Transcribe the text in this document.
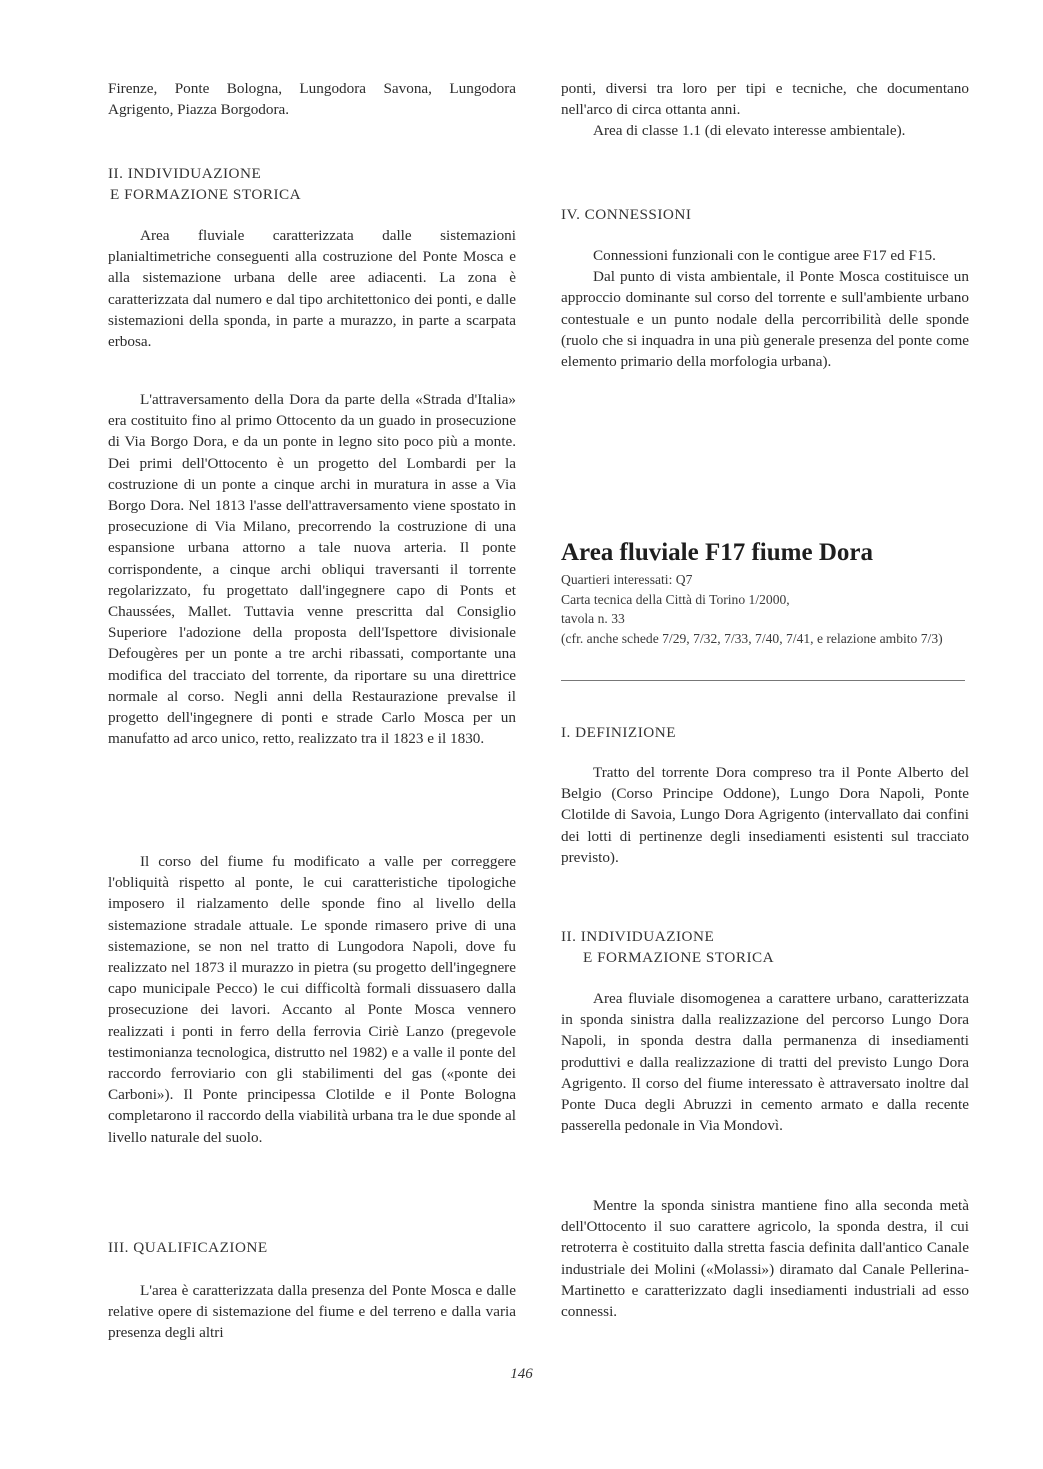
Firenze, Ponte Bologna, Lungodora Savona, Lungodora Agrigento, Piazza Borgodora.

II. INDIVIDUAZIONE
E FORMAZIONE STORICA

Area fluviale caratterizzata dalle sistemazioni planialtimetriche conseguenti alla costruzione del Ponte Mosca e alla sistemazione urbana delle aree adiacenti. La zona è caratterizzata dal numero e dal tipo architettonico dei ponti, e dalle sistemazioni della sponda, in parte a murazzo, in parte a scarpata erbosa.

L'attraversamento della Dora da parte della «Strada d'Italia» era costituito fino al primo Ottocento da un guado in prosecuzione di Via Borgo Dora, e da un ponte in legno sito poco più a monte. Dei primi dell'Ottocento è un progetto del Lombardi per la costruzione di un ponte a cinque archi in muratura in asse a Via Borgo Dora. Nel 1813 l'asse dell'attraversamento viene spostato in prosecuzione di Via Milano, precorrendo la costruzione di una espansione urbana attorno a tale nuova arteria. Il ponte corrispondente, a cinque archi obliqui traversanti il torrente regolarizzato, fu progettato dall'ingegnere capo di Ponts et Chaussées, Mallet. Tuttavia venne prescritta dal Consiglio Superiore l'adozione della proposta dell'Ispettore divisionale Defougères per un ponte a tre archi ribassati, comportante una modifica del tracciato del torrente, da riportare su una direttrice normale al corso. Negli anni della Restaurazione prevalse il progetto dell'ingegnere di ponti e strade Carlo Mosca per un manufatto ad arco unico, retto, realizzato tra il 1823 e il 1830.

Il corso del fiume fu modificato a valle per correggere l'obliquità rispetto al ponte, le cui caratteristiche tipologiche imposero il rialzamento delle sponde fino al livello della sistemazione stradale attuale. Le sponde rimasero prive di una sistemazione, se non nel tratto di Lungodora Napoli, dove fu realizzato nel 1873 il murazzo in pietra (su progetto dell'ingegnere capo municipale Pecco) le cui difficoltà formali dissuasero dalla prosecuzione dei lavori. Accanto al Ponte Mosca vennero realizzati i ponti in ferro della ferrovia Ciriè Lanzo (pregevole testimonianza tecnologica, distrutto nel 1982) e a valle il ponte del raccordo ferroviario con gli stabilimenti del gas («ponte dei Carboni»). Il Ponte principessa Clotilde e il Ponte Bologna completarono il raccordo della viabilità urbana tra le due sponde al livello naturale del suolo.

III. QUALIFICAZIONE

L'area è caratterizzata dalla presenza del Ponte Mosca e dalle relative opere di sistemazione del fiume e del terreno e dalla varia presenza degli altri

ponti, diversi tra loro per tipi e tecniche, che documentano nell'arco di circa ottanta anni.

Area di classe 1.1 (di elevato interesse ambientale).

IV. CONNESSIONI

Connessioni funzionali con le contigue aree F17 ed F15.

Dal punto di vista ambientale, il Ponte Mosca costituisce un approccio dominante sul corso del torrente e sull'ambiente urbano contestuale e un punto nodale della percorribilità delle sponde (ruolo che si inquadra in una più generale presenza del ponte come elemento primario della morfologia urbana).

Area fluviale F17 fiume Dora

Quartieri interessati: Q7
Carta tecnica della Città di Torino 1/2000,
tavola n. 33
(cfr. anche schede 7/29, 7/32, 7/33, 7/40, 7/41, e relazione ambito 7/3)

I. DEFINIZIONE

Tratto del torrente Dora compreso tra il Ponte Alberto del Belgio (Corso Principe Oddone), Lungo Dora Napoli, Ponte Clotilde di Savoia, Lungo Dora Agrigento (intervallato dai confini dei lotti di pertinenze degli insediamenti esistenti sul tracciato previsto).

II. INDIVIDUAZIONE
E FORMAZIONE STORICA

Area fluviale disomogenea a carattere urbano, caratterizzata in sponda sinistra dalla realizzazione del percorso Lungo Dora Napoli, in sponda destra dalla permanenza di insediamenti produttivi e dalla realizzazione di tratti del previsto Lungo Dora Agrigento. Il corso del fiume interessato è attraversato inoltre dal Ponte Duca degli Abruzzi in cemento armato e dalla recente passerella pedonale in Via Mondovì.

Mentre la sponda sinistra mantiene fino alla seconda metà dell'Ottocento il suo carattere agricolo, la sponda destra, il cui retroterra è costituito dalla stretta fascia definita dall'antico Canale industriale dei Molini («Molassi») diramato dal Canale Pellerina-Martinetto e caratterizzato dagli insediamenti industriali ad esso connessi.

146
